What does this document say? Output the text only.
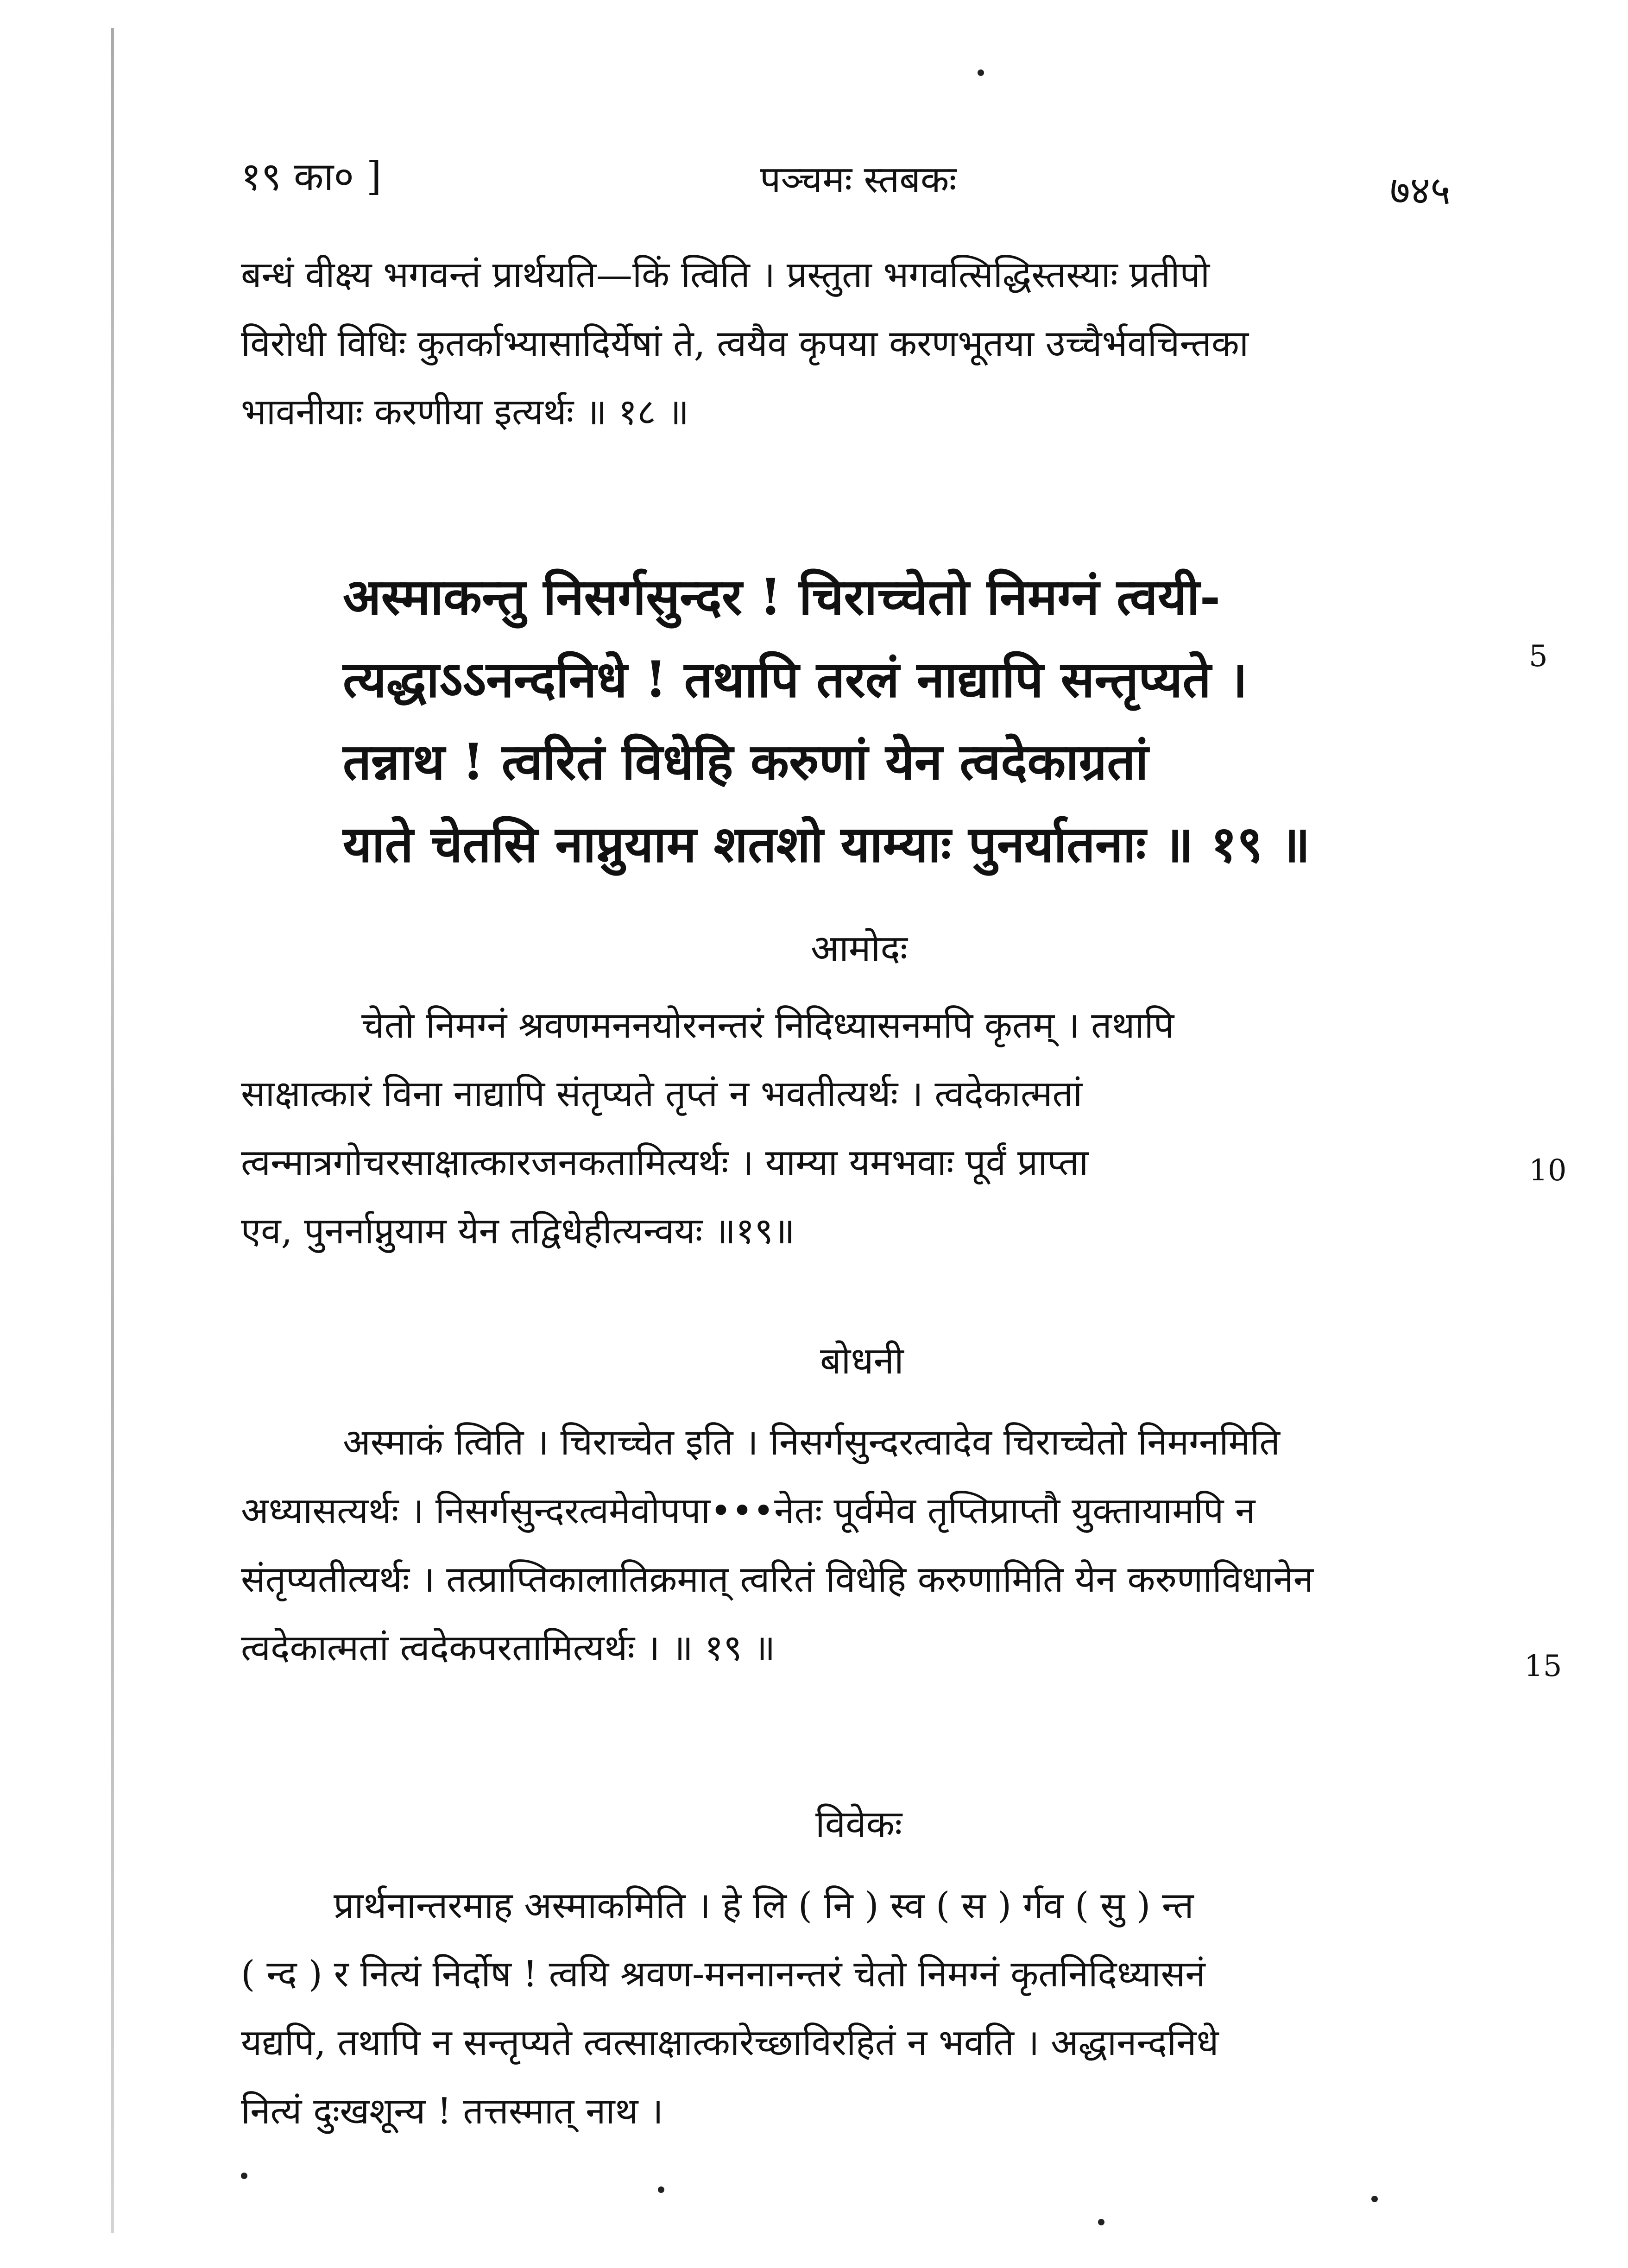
१९ का० ]	पञ्चमः स्तबकः	७४५

बन्धं वीक्ष्य भगवन्तं प्रार्थयति—किं त्विति । प्रस्तुता भगवत्सिद्धिस्तस्याः प्रतीपो

विरोधी विधिः कुतर्काभ्यासादिर्येषां ते, त्वयैव कृपया करणभूतया उच्चैर्भवचिन्तका

भावनीयाः करणीया इत्यर्थः ॥ १८ ॥

अस्माकन्तु निसर्गसुन्दर ! चिराच्चेतो निमग्नं त्वयी-

त्यद्धाऽऽनन्दनिधे ! तथापि तरलं नाद्यापि सन्तृप्यते ।

तन्नाथ ! त्वरितं विधेहि करुणां येन त्वदेकाग्रतां

याते चेतसि नाप्नुयाम शतशो याम्याः पुनर्यातनाः ॥ १९ ॥

5
आमोदः

चेतो निमग्नं श्रवणमननयोरनन्तरं निदिध्यासनमपि कृतम् । तथापि

साक्षात्कारं विना नाद्यापि संतृप्यते तृप्तं न भवतीत्यर्थः । त्वदेकात्मतां

त्वन्मात्रगोचरसाक्षात्कारजनकतामित्यर्थः । याम्या यमभवाः पूर्वं प्राप्ता

एव, पुनर्नाप्नुयाम येन तद्विधेहीत्यन्वयः ॥१९॥

10
बोधनी

अस्माकं त्विति । चिराच्चेत इति । निसर्गसुन्दरत्वादेव चिराच्चेतो निमग्नमिति

अध्यासत्यर्थः । निसर्गसुन्दरत्वमेवोपपा•••नेतः पूर्वमेव तृप्तिप्राप्तौ युक्तायामपि न

संतृप्यतीत्यर्थः । तत्प्राप्तिकालातिक्रमात् त्वरितं विधेहि करुणामिति येन करुणाविधानेन

त्वदेकात्मतां त्वदेकपरतामित्यर्थः । ॥ १९ ॥	15
विवेकः

प्रार्थनान्तरमाह अस्माकमिति । हे लि ( नि ) स्व ( स ) र्गव ( सु ) न्त

( न्द ) र नित्यं निर्दोष ! त्वयि श्रवण-मननानन्तरं चेतो निमग्नं कृतनिदिध्यासनं

यद्यपि, तथापि न सन्तृप्यते त्वत्साक्षात्कारेच्छाविरहितं न भवति । अद्धानन्दनिधे

नित्यं दुःखशून्य ! तत्तस्मात् नाथ ।
